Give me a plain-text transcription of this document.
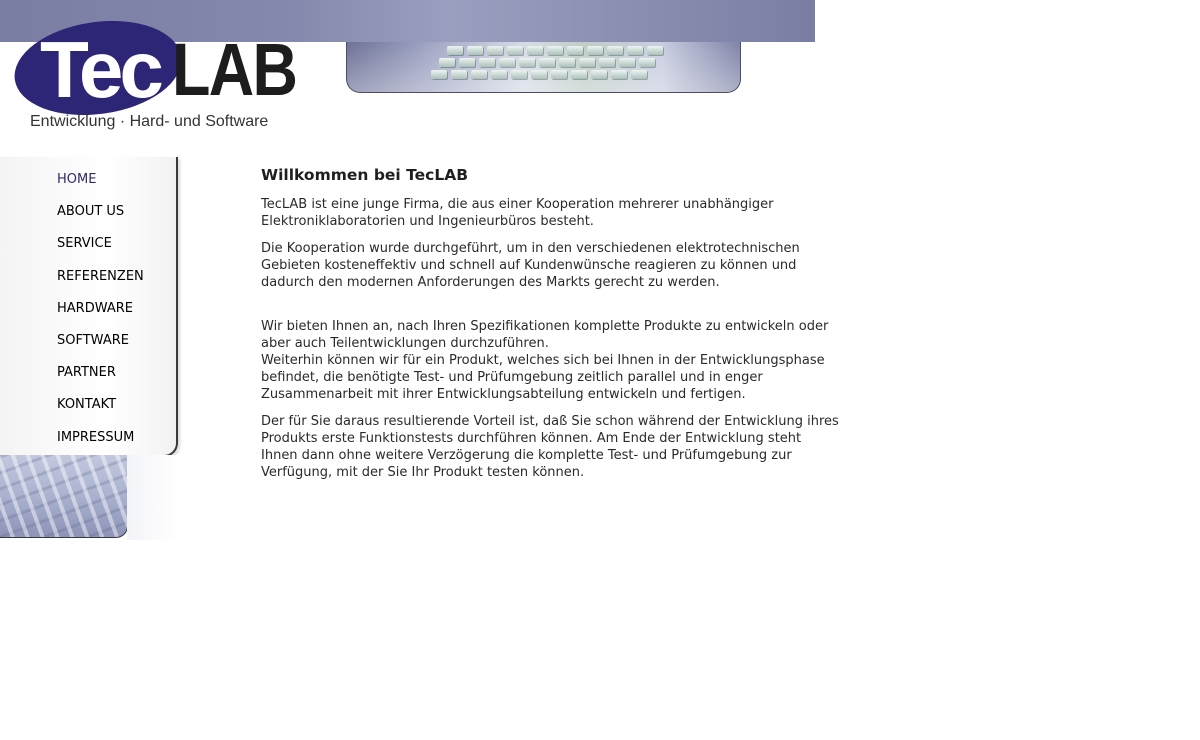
Tec LAB
Entwicklung · Hard- und Software
HOME
ABOUT US
SERVICE
REFERENZEN
HARDWARE
SOFTWARE
PARTNER
KONTAKT
IMPRESSUM
Willkommen bei TecLAB

TecLAB ist eine junge Firma, die aus einer Kooperation mehrerer unabhängiger Elektroniklaboratorien und Ingenieurbüros besteht.

Die Kooperation wurde durchgeführt, um in den verschiedenen elektrotechnischen Gebieten kosteneffektiv und schnell auf Kundenwünsche reagieren zu können und dadurch den modernen Anforderungen des Markts gerecht zu werden.

Wir bieten Ihnen an, nach Ihren Spezifikationen komplette Produkte zu entwickeln oder aber auch Teilentwicklungen durchzuführen.

Weiterhin können wir für ein Produkt, welches sich bei Ihnen in der Entwicklungsphase befindet, die benötigte Test- und Prüfumgebung zeitlich parallel und in enger Zusammenarbeit mit ihrer Entwicklungsabteilung entwickeln und fertigen.

Der für Sie daraus resultierende Vorteil ist, daß Sie schon während der Entwicklung ihres Produkts erste Funktionstests durchführen können. Am Ende der Entwicklung steht Ihnen dann ohne weitere Verzögerung die komplette Test- und Prüfumgebung zur Verfügung, mit der Sie Ihr Produkt testen können.
